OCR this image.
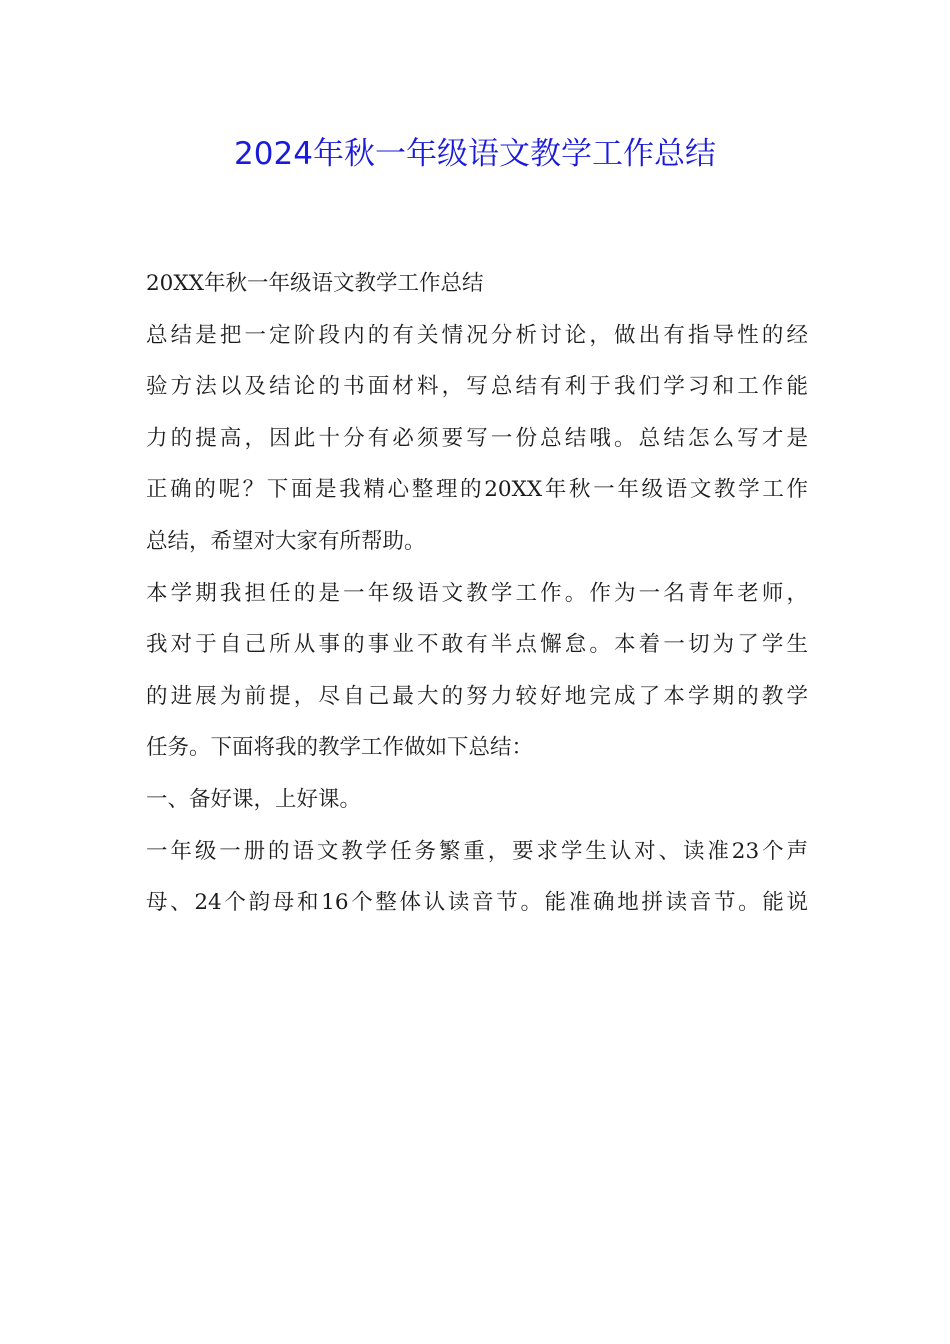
2024年秋一年级语文教学工作总结
20XX年秋一年级语文教学工作总结
总结是把一定阶段内的有关情况分析讨论，做出有指导性的经
验方法以及结论的书面材料，写总结有利于我们学习和工作能
力的提高，因此十分有必须要写一份总结哦。总结怎么写才是
正确的呢？下面是我精心整理的20XX年秋一年级语文教学工作
总结，希望对大家有所帮助。
本学期我担任的是一年级语文教学工作。作为一名青年老师，
我对于自己所从事的事业不敢有半点懈怠。本着一切为了学生
的进展为前提，尽自己最大的努力较好地完成了本学期的教学
任务。下面将我的教学工作做如下总结：
一、备好课，上好课。
一年级一册的语文教学任务繁重，要求学生认对、读准23个声
母、24个韵母和16个整体认读音节。能准确地拼读音节。能说
